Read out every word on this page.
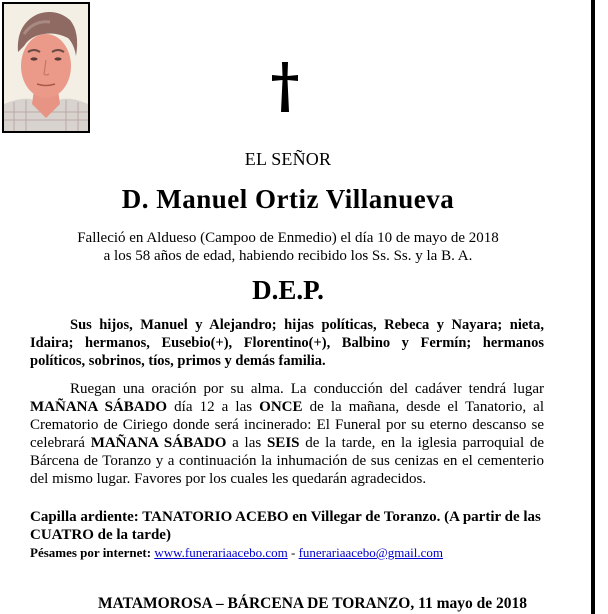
EL SEÑOR
D. Manuel Ortiz Villanueva
Falleció en Aldueso (Campoo de Enmedio) el día 10 de mayo de 2018
a los 58 años de edad, habiendo recibido los Ss. Ss. y la B. A.
D.E.P.
Sus hijos, Manuel y Alejandro; hijas políticas, Rebeca y Nayara; nieta, Idaira; hermanos, Eusebio(+), Florentino(+), Balbino y Fermín; hermanos políticos, sobrinos, tíos, primos y demás familia.
Ruegan una oración por su alma. La conducción del cadáver tendrá lugar MAÑANA SÁBADO día 12 a las ONCE de la mañana, desde el Tanatorio, al Crematorio de Ciriego donde será incinerado: El Funeral por su eterno descanso se celebrará MAÑANA SÁBADO a las SEIS de la tarde, en la iglesia parroquial de Bárcena de Toranzo y a continuación la inhumación de sus cenizas en el cementerio del mismo lugar. Favores por los cuales les quedarán agradecidos.
Capilla ardiente: TANATORIO ACEBO en Villegar de Toranzo. (A partir de las CUATRO de la tarde)
Pésames por internet: www.funerariaacebo.com - funerariaacebo@gmail.com
MATAMOROSA – BÁRCENA DE TORANZO, 11 mayo de 2018
